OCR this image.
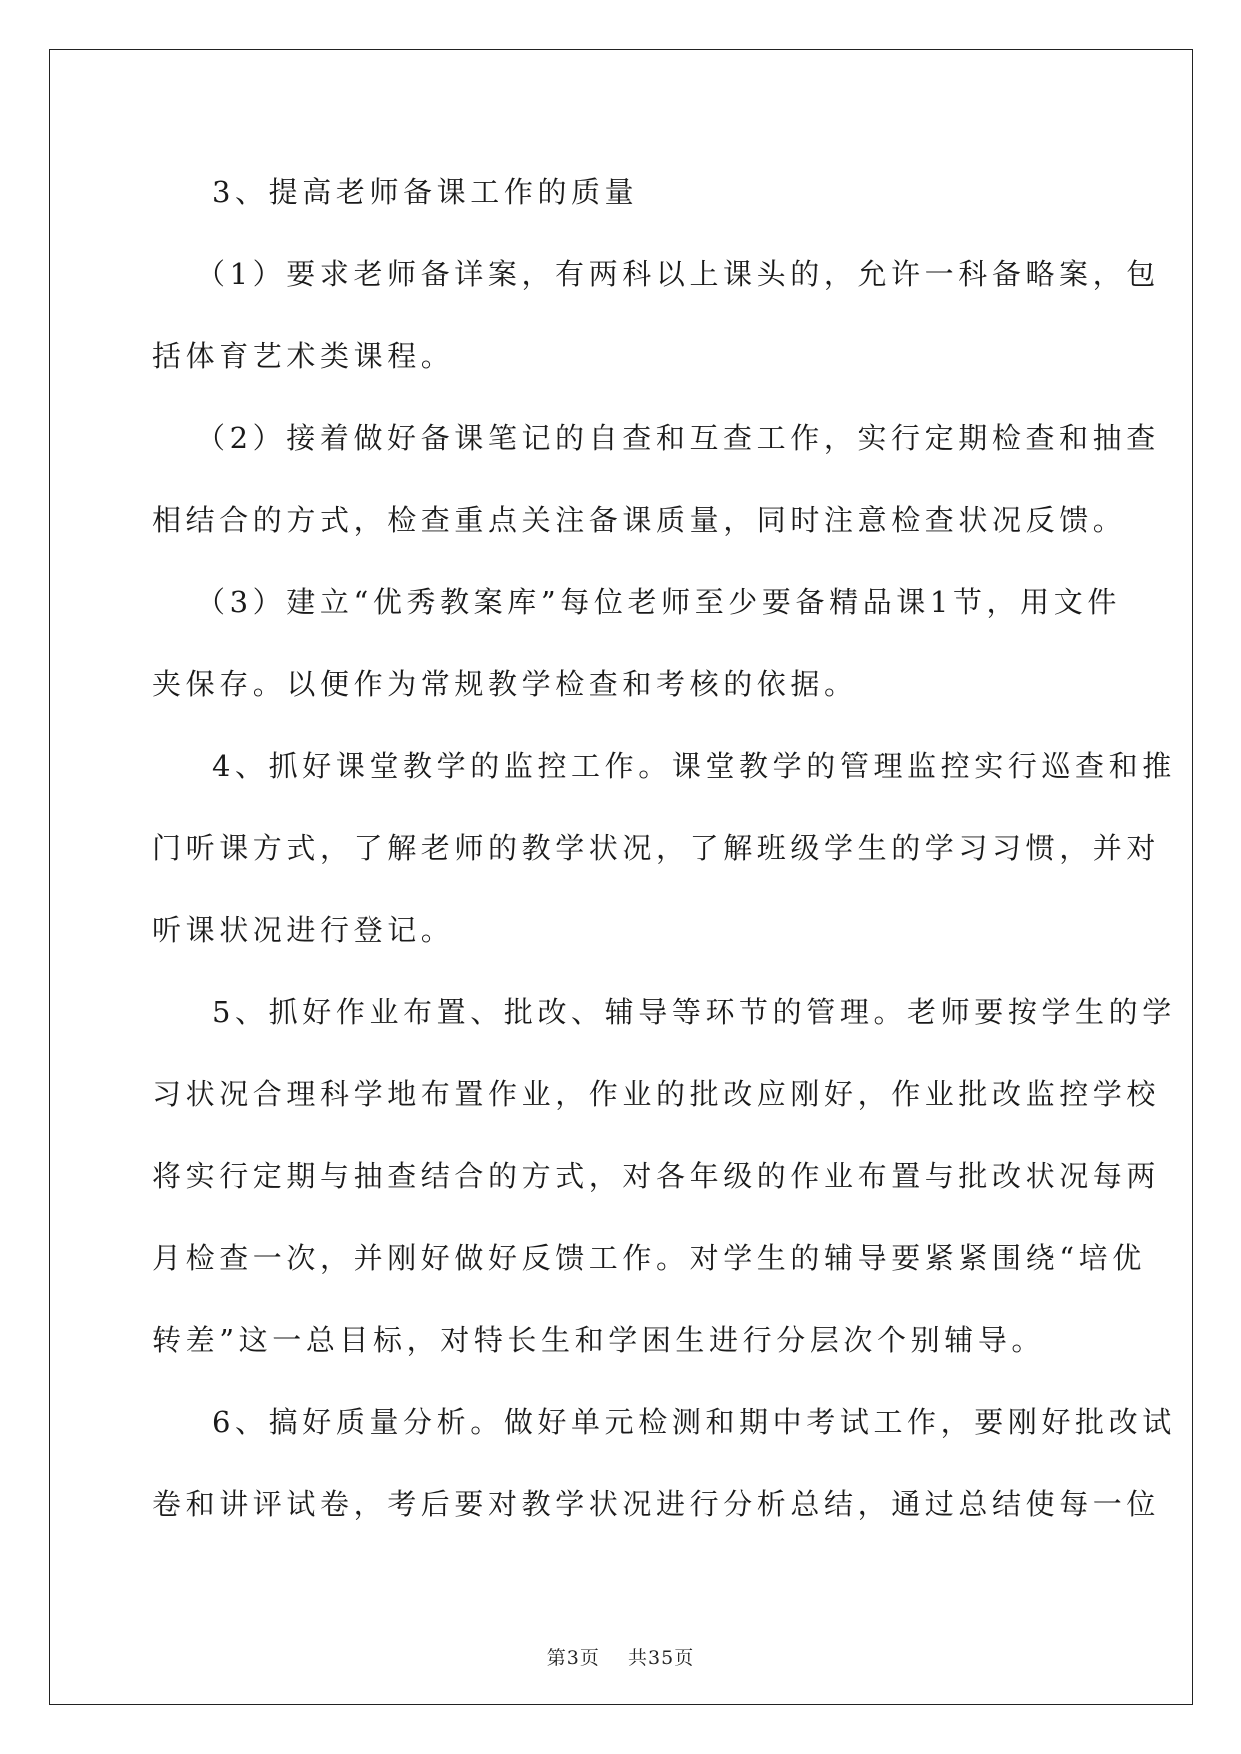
3、提高老师备课工作的质量
（1）要求老师备详案，有两科以上课头的，允许一科备略案，包
括体育艺术类课程。
（2）接着做好备课笔记的自查和互查工作，实行定期检查和抽查
相结合的方式，检查重点关注备课质量，同时注意检查状况反馈。
（3）建立“优秀教案库”每位老师至少要备精品课1节，用文件
夹保存。以便作为常规教学检查和考核的依据。
4、抓好课堂教学的监控工作。课堂教学的管理监控实行巡查和推
门听课方式，了解老师的教学状况，了解班级学生的学习习惯，并对
听课状况进行登记。
5、抓好作业布置、批改、辅导等环节的管理。老师要按学生的学
习状况合理科学地布置作业，作业的批改应刚好，作业批改监控学校
将实行定期与抽查结合的方式，对各年级的作业布置与批改状况每两
月检查一次，并刚好做好反馈工作。对学生的辅导要紧紧围绕“培优
转差”这一总目标，对特长生和学困生进行分层次个别辅导。
6、搞好质量分析。做好单元检测和期中考试工作，要刚好批改试
卷和讲评试卷，考后要对教学状况进行分析总结，通过总结使每一位
第3页 共35页
